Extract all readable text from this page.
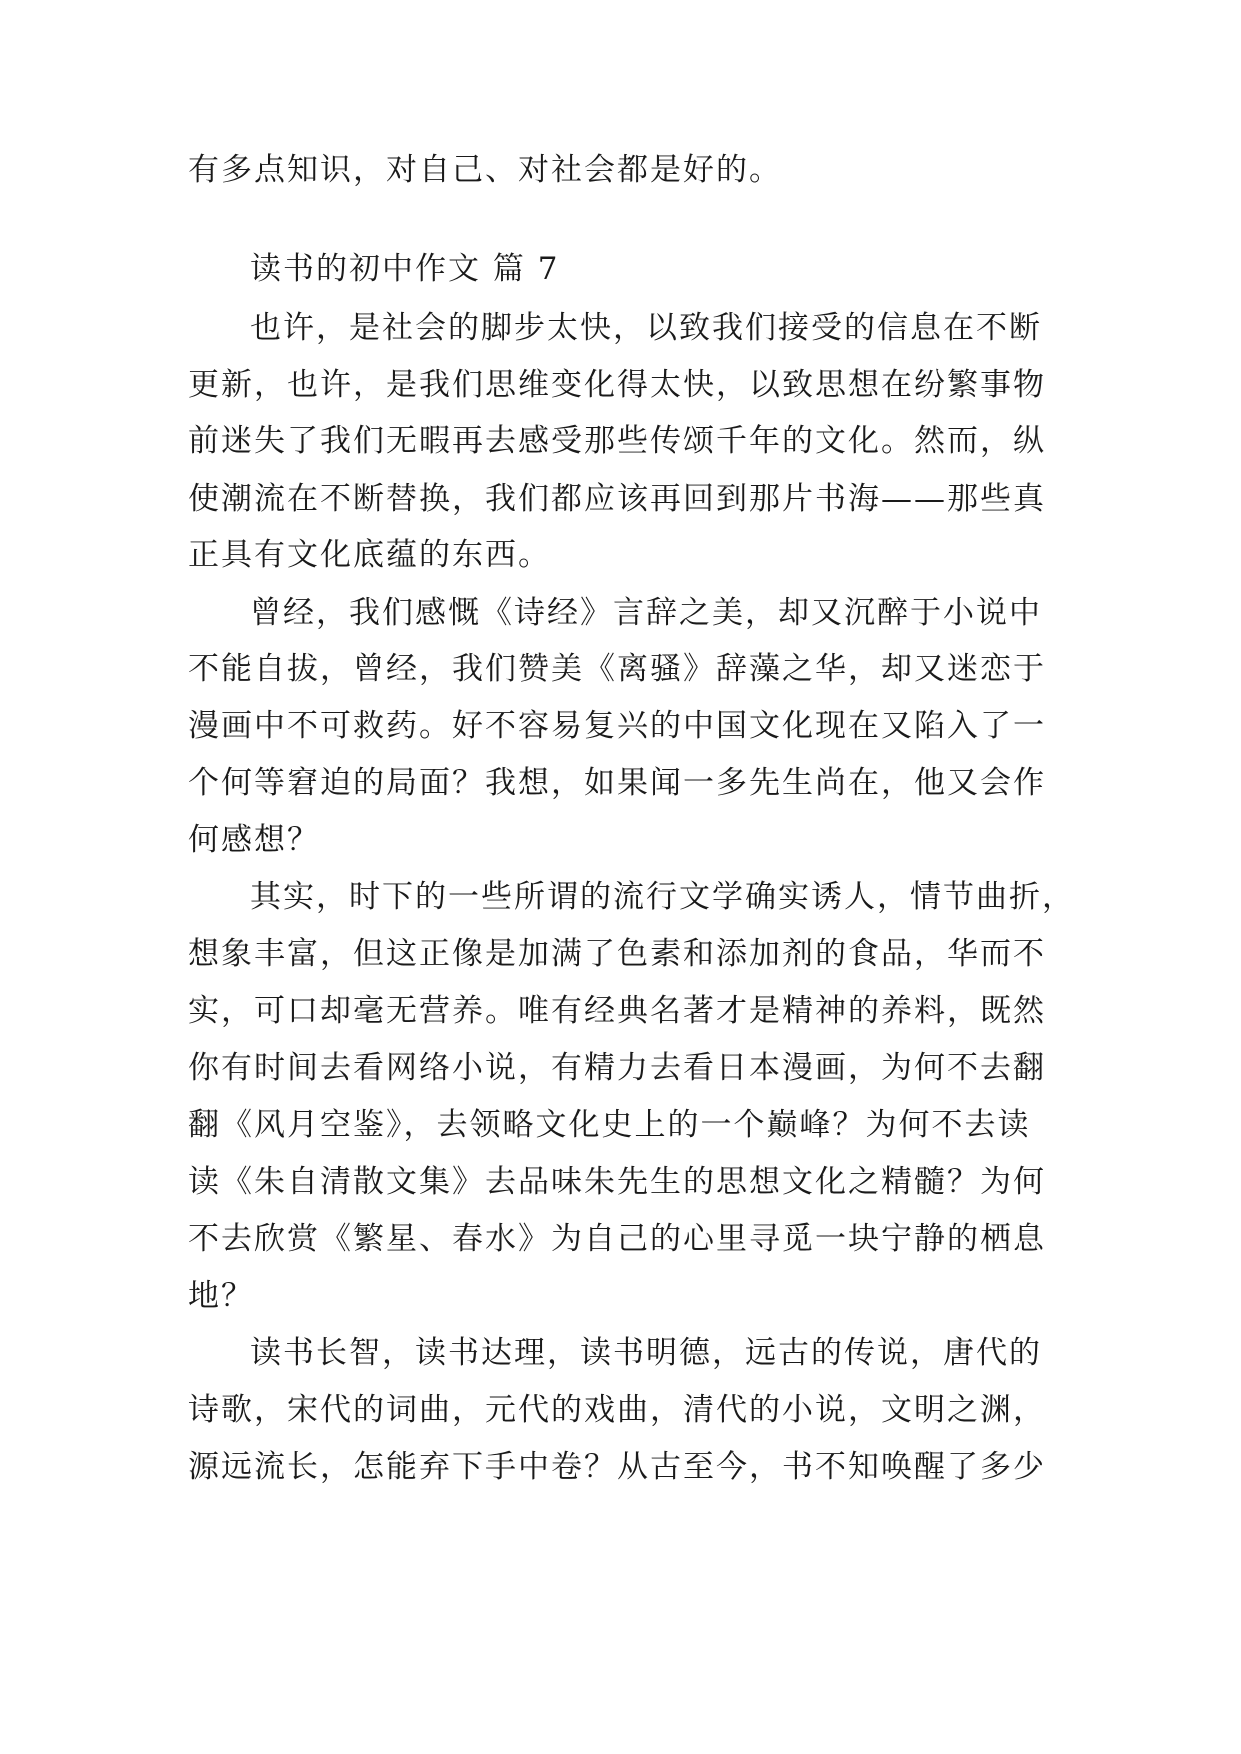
有多点知识，对自己、对社会都是好的。
读书的初中作文 篇 7
也许，是社会的脚步太快，以致我们接受的信息在不断
更新，也许，是我们思维变化得太快，以致思想在纷繁事物
前迷失了我们无暇再去感受那些传颂千年的文化。然而，纵
使潮流在不断替换，我们都应该再回到那片书海——那些真
正具有文化底蕴的东西。
曾经，我们感慨《诗经》言辞之美，却又沉醉于小说中
不能自拔，曾经，我们赞美《离骚》辞藻之华，却又迷恋于
漫画中不可救药。好不容易复兴的中国文化现在又陷入了一
个何等窘迫的局面？我想，如果闻一多先生尚在，他又会作
何感想？
其实，时下的一些所谓的流行文学确实诱人，情节曲折，
想象丰富，但这正像是加满了色素和添加剂的食品，华而不
实，可口却毫无营养。唯有经典名著才是精神的养料，既然
你有时间去看网络小说，有精力去看日本漫画，为何不去翻
翻《风月空鉴》，去领略文化史上的一个巅峰？为何不去读
读《朱自清散文集》去品味朱先生的思想文化之精髓？为何
不去欣赏《繁星、春水》为自己的心里寻觅一块宁静的栖息
地？
读书长智，读书达理，读书明德，远古的传说，唐代的
诗歌，宋代的词曲，元代的戏曲，清代的小说，文明之渊，
源远流长，怎能弃下手中卷？从古至今，书不知唤醒了多少
